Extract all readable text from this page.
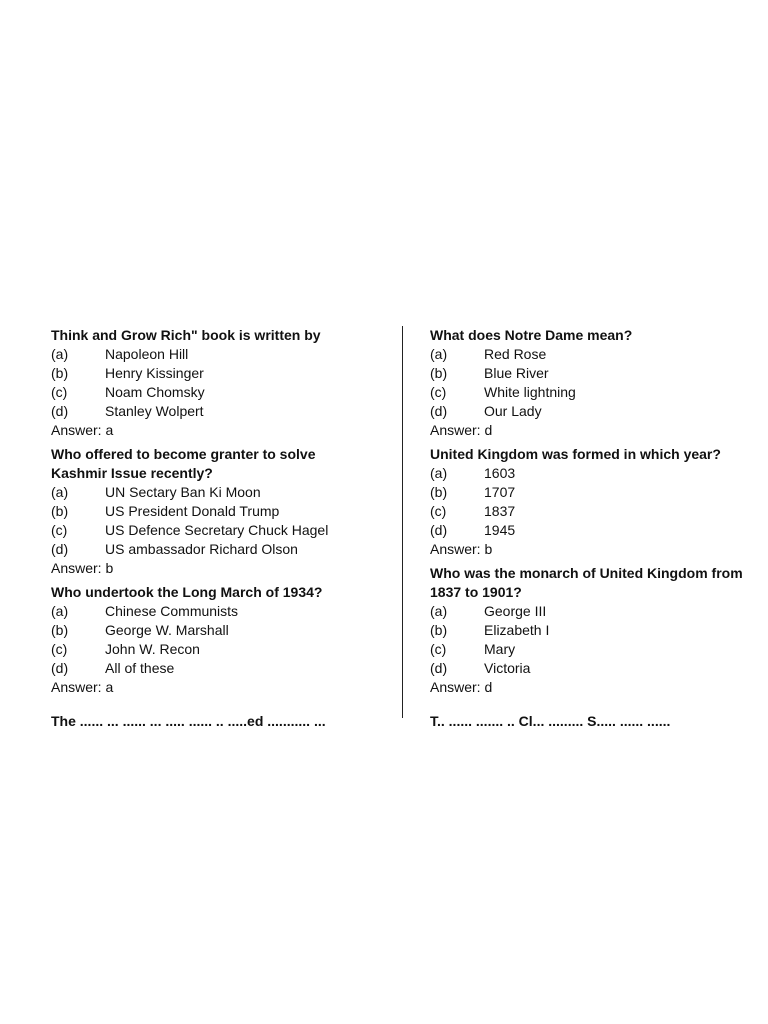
Think and Grow Rich" book is written by

(a)	Napoleon Hill
(b)	Henry Kissinger
(c)	Noam Chomsky
(d)	Stanley Wolpert
Answer: a

Who offered to become granter to solve Kashmir Issue recently?

(a)	UN Sectary Ban Ki Moon
(b)	US President Donald Trump
(c)	US Defence Secretary Chuck Hagel
(d)	US ambassador Richard Olson
Answer: b

Who undertook the Long March of 1934?

(a)	Chinese Communists
(b)	George W. Marshall
(c)	John W. Recon
(d)	All of these
Answer: a

What does Notre Dame mean?

(a)	Red Rose
(b)	Blue River
(c)	White lightning
(d)	Our Lady
Answer: d

United Kingdom was formed in which year?

(a)	1603
(b)	1707
(c)	1837
(d)	1945
Answer: b

Who was the monarch of United Kingdom from 1837 to 1901?

(a)	George III
(b)	Elizabeth I
(c)	Mary
(d)	Victoria
Answer: d
The ...... ... ...... ... ..... ...... .. .....ed ........... ...	T.. ...... ....... .. Cl... ......... S..... ...... ......
